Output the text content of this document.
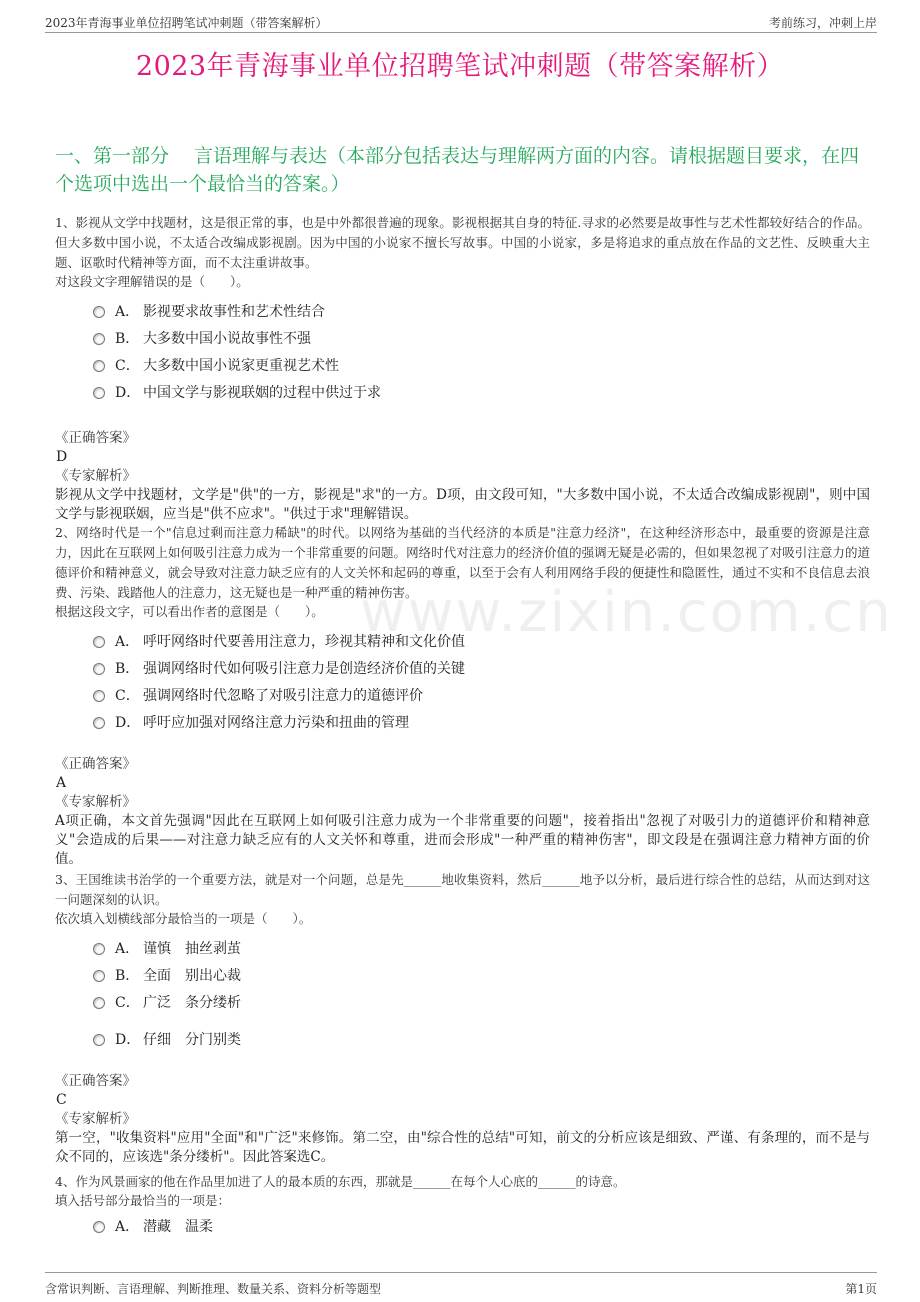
2023年青海事业单位招聘笔试冲刺题（带答案解析）	考前练习，冲刺上岸
www.zixin.com.cn
2023年青海事业单位招聘笔试冲刺题（带答案解析）
一、第一部分　 言语理解与表达（本部分包括表达与理解两方面的内容。请根据题目要求，在四个选项中选出一个最恰当的答案。）
1、影视从文学中找题材，这是很正常的事，也是中外都很普遍的现象。影视根据其自身的特征.寻求的必然要是故事性与艺术性都较好结合的作品。但大多数中国小说，不太适合改编成影视剧。因为中国的小说家不擅长写故事。中国的小说家，多是将追求的重点放在作品的文艺性、反映重大主题、讴歌时代精神等方面，而不太注重讲故事。
对这段文字理解错误的是（　　）。
A． 影视要求故事性和艺术性结合
B． 大多数中国小说故事性不强
C． 大多数中国小说家更重视艺术性
D． 中国文学与影视联姻的过程中供过于求
《正确答案》
D
《专家解析》
影视从文学中找题材，文学是"供"的一方，影视是"求"的一方。D项，由文段可知，"大多数中国小说，不太适合改编成影视剧"，则中国文学与影视联姻，应当是"供不应求"。"供过于求"理解错误。
2、网络时代是一个"信息过剩而注意力稀缺"的时代。以网络为基础的当代经济的本质是"注意力经济"，在这种经济形态中，最重要的资源是注意力，因此在互联网上如何吸引注意力成为一个非常重要的问题。网络时代对注意力的经济价值的强调无疑是必需的，但如果忽视了对吸引注意力的道德评价和精神意义，就会导致对注意力缺乏应有的人文关怀和起码的尊重，以至于会有人利用网络手段的便捷性和隐匿性，通过不实和不良信息去浪费、污染、践踏他人的注意力，这无疑也是一种严重的精神伤害。
根据这段文字，可以看出作者的意图是（　　）。
A． 呼吁网络时代要善用注意力，珍视其精神和文化价值
B． 强调网络时代如何吸引注意力是创造经济价值的关键
C． 强调网络时代忽略了对吸引注意力的道德评价
D． 呼吁应加强对网络注意力污染和扭曲的管理
《正确答案》
A
《专家解析》
A项正确，本文首先强调"因此在互联网上如何吸引注意力成为一个非常重要的问题"，接着指出"忽视了对吸引力的道德评价和精神意义"会造成的后果——对注意力缺乏应有的人文关怀和尊重，进而会形成"一种严重的精神伤害"，即文段是在强调注意力精神方面的价值。
3、王国维读书治学的一个重要方法，就是对一个问题，总是先______地收集资料，然后______地予以分析，最后进行综合性的总结，从而达到对这一问题深刻的认识。
依次填入划横线部分最恰当的一项是（　　）。
A． 谨慎　抽丝剥茧
B． 全面　别出心裁
C． 广泛　条分缕析
D． 仔细　分门别类
《正确答案》
C
《专家解析》
第一空，"收集资料"应用"全面"和"广泛"来修饰。第二空，由"综合性的总结"可知，前文的分析应该是细致、严谨、有条理的，而不是与众不同的，应该选"条分缕析"。因此答案选C。
4、作为风景画家的他在作品里加进了人的最本质的东西，那就是______在每个人心底的______的诗意。
填入括号部分最恰当的一项是：
A． 潜藏　温柔
含常识判断、言语理解、判断推理、数量关系、资料分析等题型	第1页
